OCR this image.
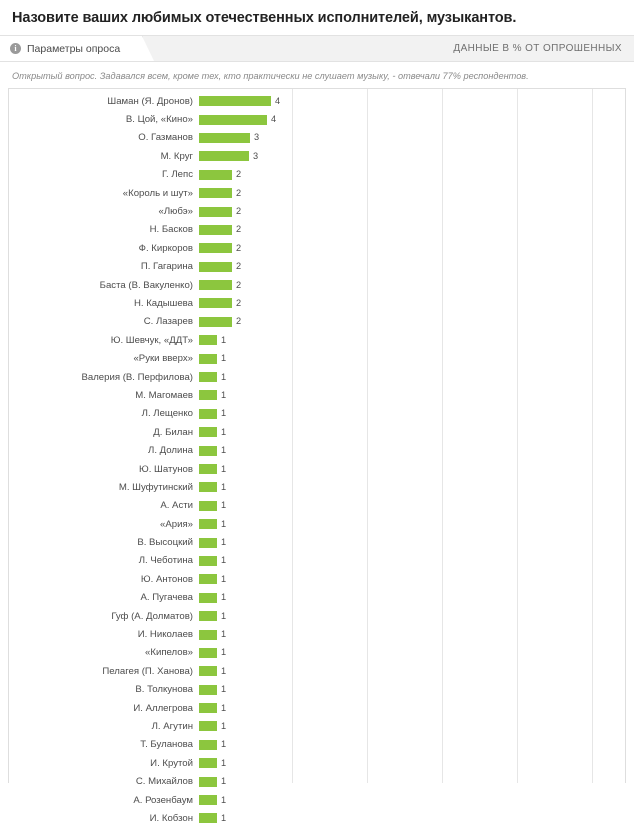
Назовите ваших любимых отечественных исполнителей, музыкантов.
i Параметры опроса	ДАННЫЕ В % ОТ ОПРОШЕННЫХ
Открытый вопрос. Задавался всем, кроме тех, кто практически не слушает музыку, - отвечали 77% респондентов.
Шаман (Я. Дронов)	4
В. Цой, «Кино»	4
О. Газманов	3
М. Круг	3
Г. Лепс	2
«Король и шут»	2
«Любэ»	2
Н. Басков	2
Ф. Киркоров	2
П. Гагарина	2
Баста (В. Вакуленко)	2
Н. Кадышева	2
С. Лазарев	2
Ю. Шевчук, «ДДТ»	1
«Руки вверх»	1
Валерия (В. Перфилова)	1
М. Магомаев	1
Л. Лещенко	1
Д. Билан	1
Л. Долина	1
Ю. Шатунов	1
М. Шуфутинский	1
А. Асти	1
«Ария»	1
В. Высоцкий	1
Л. Чеботина	1
Ю. Антонов	1
А. Пугачева	1
Гуф (А. Долматов)	1
И. Николаев	1
«Кипелов»	1
Пелагея (П. Ханова)	1
В. Толкунова	1
И. Аллегрова	1
Л. Агутин	1
Т. Буланова	1
И. Крутой	1
С. Михайлов	1
А. Розенбаум	1
И. Кобзон	1
